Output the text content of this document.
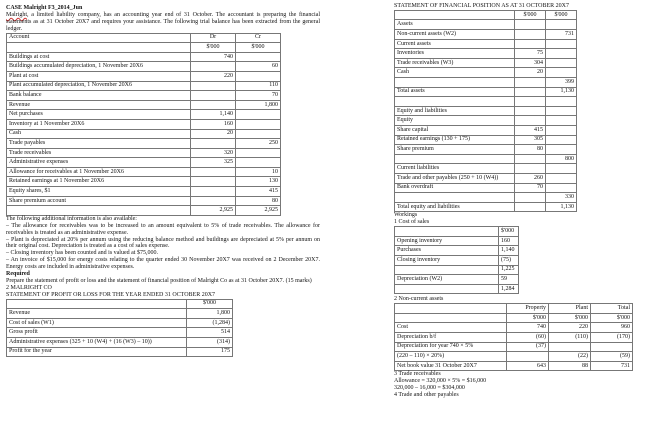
CASE Malright F3_2014_Jun

Malright, a limited liability company, has an accounting year end of 31 October. The accountant is preparing the financial statements as at 31 October 20X7 and requires your assistance. The following trial balance has been extracted from the general ledger.

Account	Dr	Cr
	$'000	$'000
Buildings at cost	740	
Buildings accumulated depreciation, 1 November 20X6		60
Plant at cost	220	
Plant accumulated depreciation, 1 November 20X6		110
Bank balance		70
Revenue		1,800
Net purchases	1,140	
Inventory at 1 November 20X6	160	
Cash	20	
Trade payables		250
Trade receivables	320	
Administrative expenses	325	
Allowance for receivables at 1 November 20X6		10
Retained earnings at 1 November 20X6		130
Equity shares, $1		415
Share premium account		80
	2,925	2,925

The following additional information is also available:

– The allowance for receivables was to be increased to an amount equivalent to 5% of trade receivables. The allowance for receivables is treated as an administrative expense.

– Plant is depreciated at 20% per annum using the reducing balance method and buildings are depreciated at 5% per annum on their original cost. Depreciation is treated as a cost of sales expense.

– Closing inventory has been counted and is valued at $75,000.

– An invoice of $15,000 for energy costs relating to the quarter ended 30 November 20X7 was received on 2 December 20X7. Energy costs are included in administrative expenses.

Required

Prepare the statement of profit or loss and the statement of financial position of Malright Co as at 31 October 20X7. (15 marks)

2 MALRIGHT CO

STATEMENT OF PROFIT OR LOSS FOR THE YEAR ENDED 31 OCTOBER 20X7

	$'000
Revenue	1,800
Cost of sales (W1)	(1,284)
Gross profit	514
Administrative expenses (325 + 10 (W4) + (16 (W3) – 10))	(314)
Profit for the year	175

STATEMENT OF FINANCIAL POSITION AS AT 31 OCTOBER 20X7

	$'000	$'000
Assets		
Non-current assets (W2)		731
Current assets		
Inventories	75	
Trade receivables (W3)	304	
Cash	20	
		399
Total assets		1,130

Equity and liabilities		
Equity		
Share capital	415	
Retained earnings (130 + 175)	305	
Share premium	80	
		800
Current liabilities		
Trade and other payables (250 + 10 (W4))	260	
Bank overdraft	70	
		330
Total equity and liabilities		1,130

Workings

1 Cost of sales

	$'000
Opening inventory	160
Purchases	1,140
Closing inventory	(75)
	1,225
Depreciation (W2)	59
	1,284

2 Non-current assets

	Property	Plant	Total
	$'000	$'000	$'000
Cost	740	220	960
Depreciation b/f	(60)	(110)	(170)
Depreciation for year 740 × 5%	(37)		
(220 – 110) × 20%)		(22)	(59)
Net book value 31 October 20X7	643	88	731

3 Trade receivables

Allowance = 320,000 × 5% = $16,000

320,000 – 16,000 = $304,000

4 Trade and other payables
